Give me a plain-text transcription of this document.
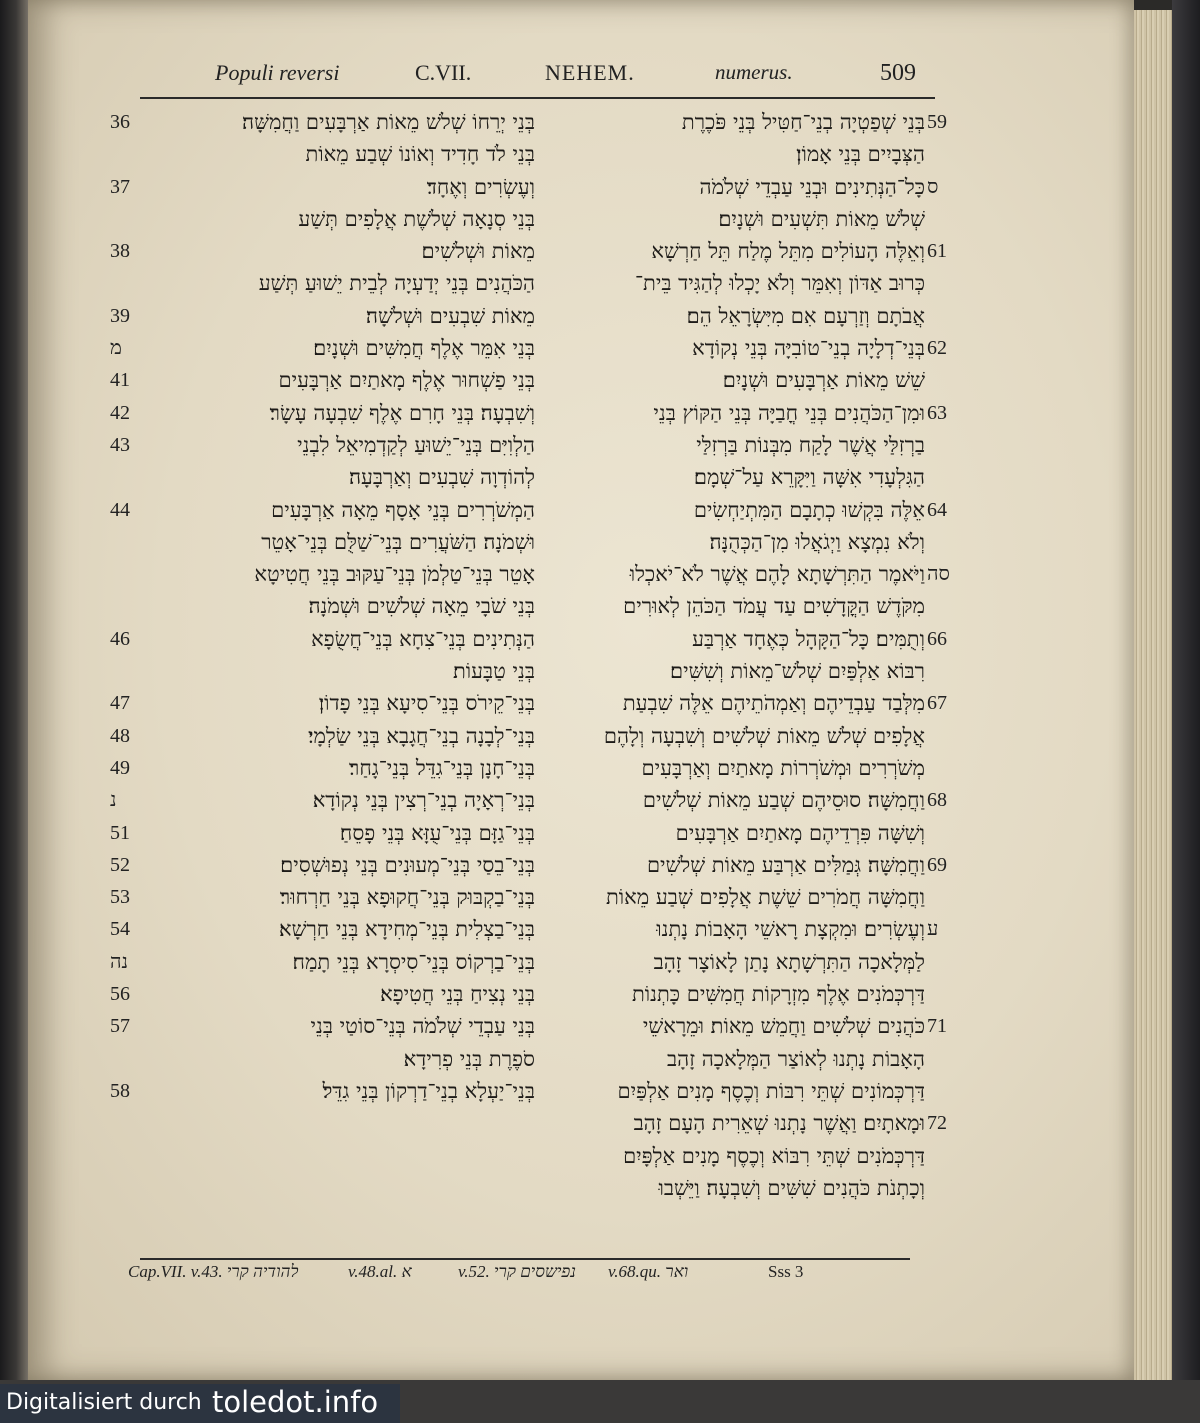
Populi reversi	C.VII.	NEHEM.	numerus.	509
בְּנֵי יְרֵחוֹ שְׁלֹשׁ מֵאוֹת אַרְבָּעִים וַחֲמִשָּׁה׃
36
בְּנֵי לֹד חָדִיד וְאוֹנוֹ שְׁבַע מֵאוֹת
וְעֶשְׂרִים וְאֶחָד׃
37
בְּנֵי סְנָאָה שְׁלֹשֶׁת אֲלָפִים תְּשַׁע
מֵאוֹת וּשְׁלֹשִׁים׃
38
הַכֹּהֲנִים בְּנֵי יְדַעְיָה לְבֵית יֵשׁוּעַ תְּשַׁע
מֵאוֹת שִׁבְעִים וּשְׁלֹשָׁה׃
39
בְּנֵי אִמֵּר אֶלֶף חֲמִשִּׁים וּשְׁנָיִם׃
מ
בְּנֵי פַשְׁחוּר אֶלֶף מָאתַיִם אַרְבָּעִים
41
וְשִׁבְעָה׃ בְּנֵי חָרִם אֶלֶף שִׁבְעָה עָשָׂר׃
42
הַלְוִיִּם בְּנֵי־יֵשׁוּעַ לְקַדְמִיאֵל לִבְנֵי
43
לְהוֹדְוָה שִׁבְעִים וְאַרְבָּעָה׃
הַמְשֹׁרְרִים בְּנֵי אָסָף מֵאָה אַרְבָּעִים
44
וּשְׁמֹנָה׃ הַשֹּׁעֲרִים בְּנֵי־שַׁלֻּם בְּנֵי־אָטֵר
אָטֵר בְּנֵי־טַלְמֹן בְּנֵי־עַקּוּב בְּנֵי חֲטִיטָא
בְּנֵי שֹׁבָי מֵאָה שְׁלֹשִׁים וּשְׁמֹנָה׃
הַנְּתִינִים בְּנֵי־צִחָא בְּנֵי־חֲשֻׂפָא
46
בְּנֵי טַבָּעוֹת׃
בְּנֵי־קֵירֹס בְּנֵי־סִיעָא בְּנֵי פָדוֹן׃
47
בְּנֵי־לְבָנָה בְנֵי־חֲגָבָא בְּנֵי שַׂלְמָי׃
48
בְּנֵי־חָנָן בְּנֵי־גִדֵּל בְּנֵי־גָחַר׃
49
בְּנֵי־רְאָיָה בְנֵי־רְצִין בְּנֵי נְקוֹדָא׃
נ
בְּנֵי־גַזָּם בְּנֵי־עֻזָּא בְּנֵי פָסֵחַ׃
51
בְּנֵי־בֵסַי בְּנֵי־מְעוּנִים בְּנֵי נְפוּשְׁסִים׃
52
בְּנֵי־בַקְבּוּק בְּנֵי־חֲקוּפָא בְּנֵי חַרְחוּר׃
53
בְּנֵי־בַצְלִית בְּנֵי־מְחִידָא בְּנֵי חַרְשָׁא׃
54
בְּנֵי־בַרְקוֹס בְּנֵי־סִיסְרָא בְּנֵי תָמַח׃
נה
בְּנֵי נְצִיחַ בְּנֵי חֲטִיפָא׃
56
בְּנֵי עַבְדֵי שְׁלֹמֹה בְּנֵי־סוֹטַי בְּנֵי
57
סֹפֶרֶת בְּנֵי פְרִידָא׃
בְּנֵי־יַעְלָא בְנֵי־דַרְקוֹן בְּנֵי גִדֵּל׃
58
בְּנֵי שְׁפַטְיָה בְנֵי־חַטִּיל בְּנֵי פֹּכֶרֶת 59
הַצְּבָיִים בְּנֵי אָמוֹן׃
כָּל־הַנְּתִינִים וּבְנֵי עַבְדֵי שְׁלֹמֹה ס
שְׁלֹשׁ מֵאוֹת תִּשְׁעִים וּשְׁנָיִם׃
וְאֵלֶּה הָעוֹלִים מִתֵּל מֶלַח תֵּל חַרְשָׁא 61
כְּרוּב אַדּוֹן וְאִמֵּר וְלֹא יָכְלוּ לְהַגִּיד בֵּית־
אֲבֹתָם וְזַרְעָם אִם מִיִּשְׂרָאֵל הֵם׃
בְּנֵי־דְלָיָה בְנֵי־טוֹבִיָּה בְּנֵי נְקוֹדָא 62
שֵׁשׁ מֵאוֹת אַרְבָּעִים וּשְׁנָיִם׃
וּמִן־הַכֹּהֲנִים בְּנֵי חֳבַיָּה בְּנֵי הַקּוֹץ בְּנֵי 63
בַרְזִלַּי אֲשֶׁר לָקַח מִבְּנוֹת בַּרְזִלַּי
הַגִּלְעָדִי אִשָּׁה וַיִּקָּרֵא עַל־שְׁמָם׃
אֵלֶּה בִּקְשׁוּ כְתָבָם הַמִּתְיַחְשִׂים 64
וְלֹא נִמְצָא וַיְגֹאֲלוּ מִן־הַכְּהֻנָּה׃
וַיֹּאמֶר הַתִּרְשָׁתָא לָהֶם אֲשֶׁר לֹא־יֹאכְלוּ סה
מִקֹּדֶשׁ הַקֳּדָשִׁים עַד עֲמֹד הַכֹּהֵן לְאוּרִים
וְתֻמִּים׃ כָּל־הַקָּהָל כְּאֶחָד אַרְבַּע 66
רִבּוֹא אַלְפַּיִם שְׁלֹשׁ־מֵאוֹת וְשִׁשִּׁים׃
מִלְּבַד עַבְדֵיהֶם וְאַמְהֹתֵיהֶם אֵלֶּה שִׁבְעַת 67
אֲלָפִים שְׁלֹשׁ מֵאוֹת שְׁלֹשִׁים וְשִׁבְעָה וְלָהֶם
מְשֹׁרְרִים וּמְשֹׁרְרוֹת מָאתַיִם וְאַרְבָּעִים
וַחֲמִשָּׁה׃ סוּסֵיהֶם שְׁבַע מֵאוֹת שְׁלֹשִׁים 68
וְשִׁשָּׁה פִּרְדֵיהֶם מָאתַיִם אַרְבָּעִים
וַחֲמִשָּׁה׃ גְּמַלִּים אַרְבַּע מֵאוֹת שְׁלֹשִׁים 69
וַחֲמִשָּׁה חֲמֹרִים שֵׁשֶׁת אֲלָפִים שְׁבַע מֵאוֹת
וְעֶשְׂרִים׃ וּמִקְצָת רָאשֵׁי הָאָבוֹת נָתְנוּ ע
לַמְּלָאכָה הַתִּרְשָׁתָא נָתַן לָאוֹצָר זָהָב
דַּרְכְּמֹנִים אֶלֶף מִזְרָקוֹת חֲמִשִּׁים כָּתְנוֹת
כֹּהֲנִים שְׁלֹשִׁים וַחֲמֵשׁ מֵאוֹת׃ וּמֵרָאשֵׁי 71
הָאָבוֹת נָתְנוּ לְאוֹצַר הַמְּלָאכָה זָהָב
דַּרְכְּמוֹנִים שְׁתֵּי רִבּוֹת וְכֶסֶף מָנִים אַלְפַּיִם
וּמָאתָיִם׃ וַאֲשֶׁר נָתְנוּ שְׁאֵרִית הָעָם זָהָב 72
דַּרְכְּמֹנִים שְׁתֵּי רִבּוֹא וְכֶסֶף מָנִים אַלְפָּיִם
וְכָתְנֹת כֹּהֲנִים שִׁשִּׁים וְשִׁבְעָה׃ וַיֵּשְׁבוּ
Cap.VII. v.43. להודיה קרי	v.48.al. א	v.52. נפישסים קרי v.68.qu. ואר	Sss 3
Digitalisiert durch toledot.info
